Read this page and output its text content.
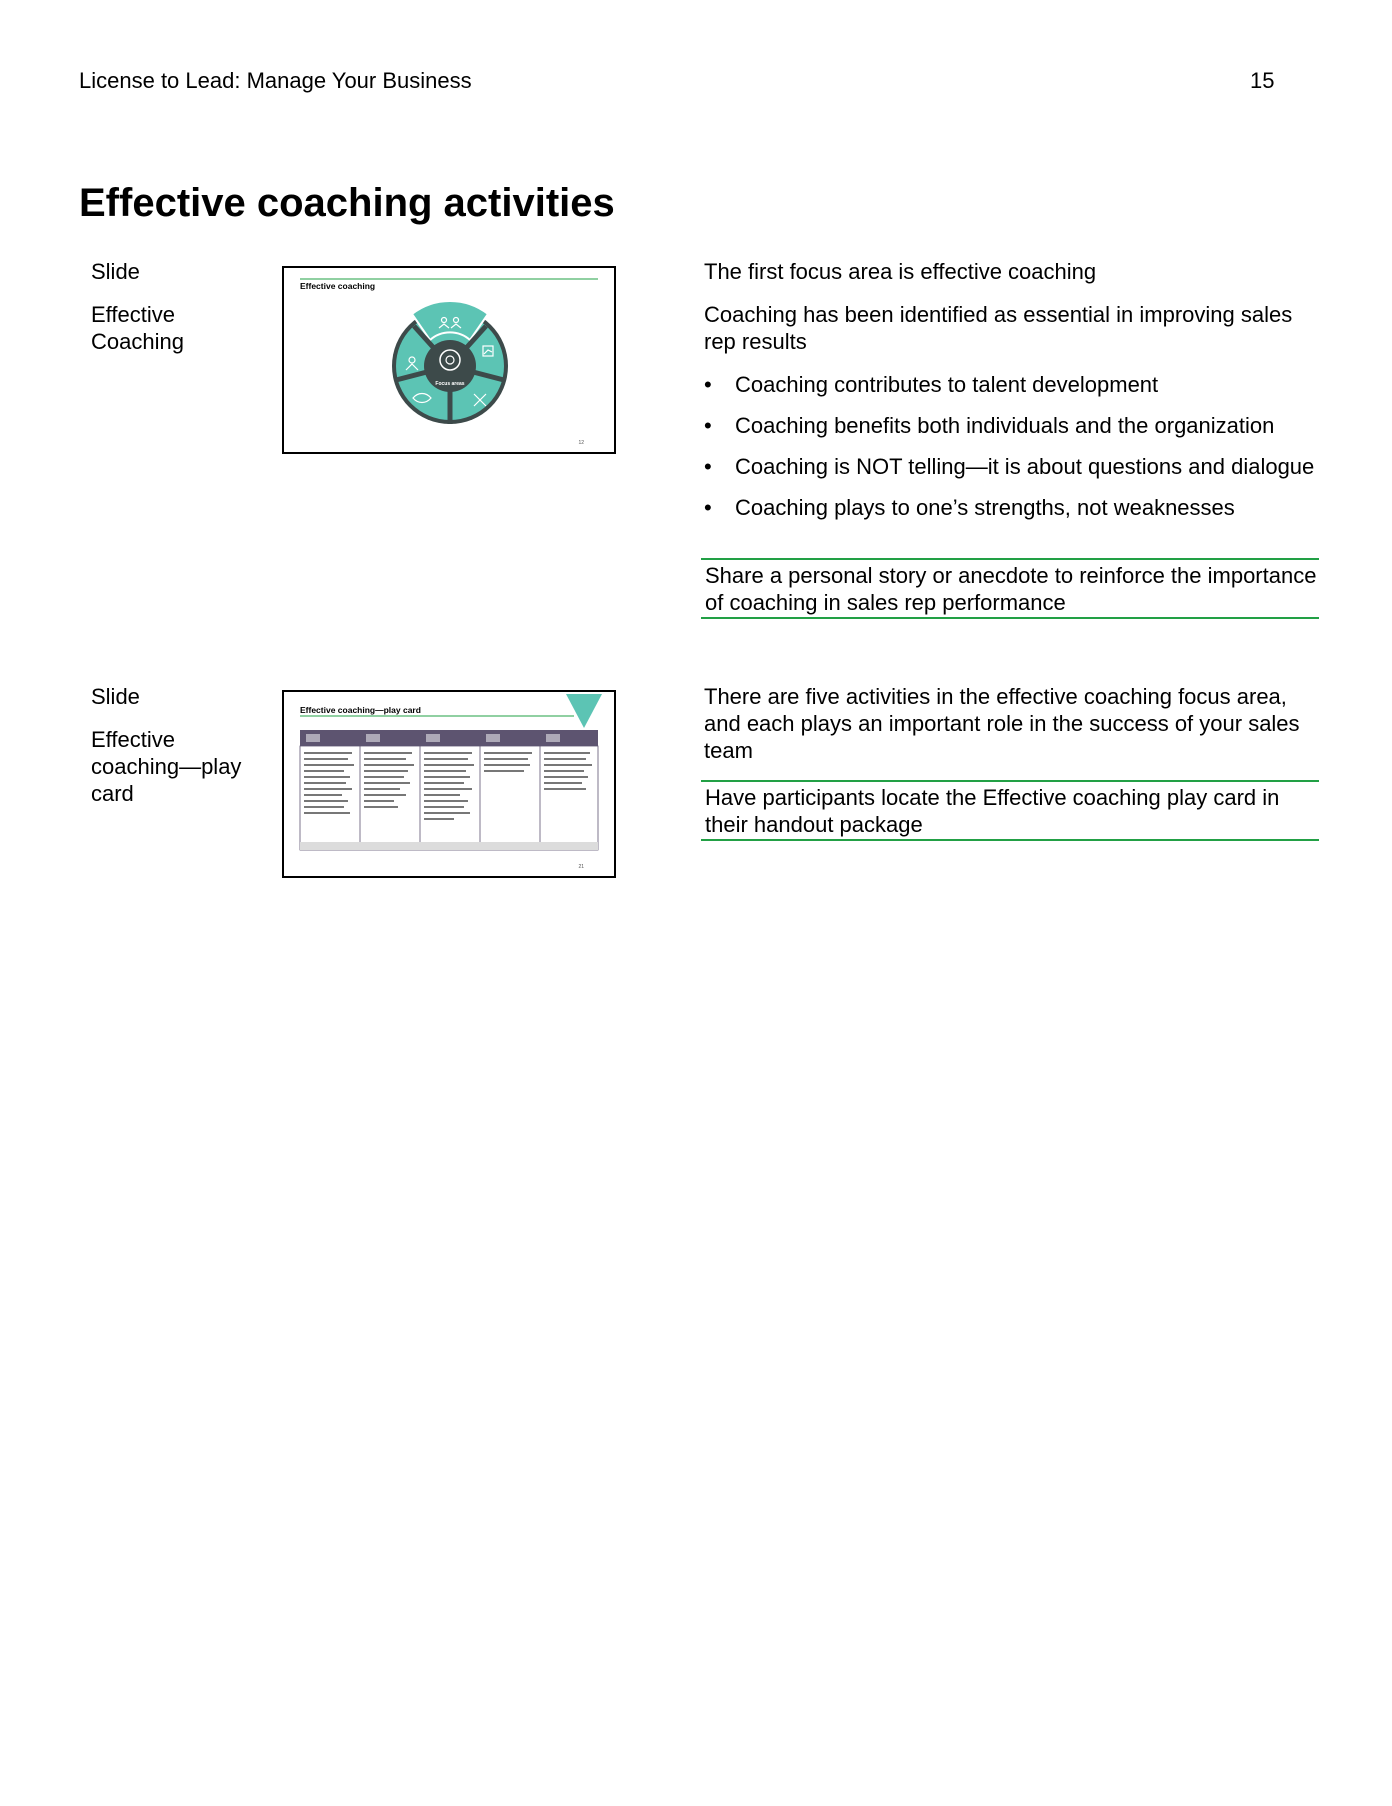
License to Lead: Manage Your Business	15
Effective coaching activities
Slide
Effective Coaching
Effective coaching
Focus areas
12

The first focus area is effective coaching

Coaching has been identified as essential in improving sales rep results

• Coaching contributes to talent development
• Coaching benefits both individuals and the organization
• Coaching is NOT telling—it is about questions and dialogue
• Coaching plays to one’s strengths, not weaknesses
Share a personal story or anecdote to reinforce the importance of coaching in sales rep performance
Slide
Effective coaching—play card
Effective coaching—play card
21

There are five activities in the effective coaching focus area, and each plays an important role in the success of your sales team

Have participants locate the Effective coaching play card in their handout package
